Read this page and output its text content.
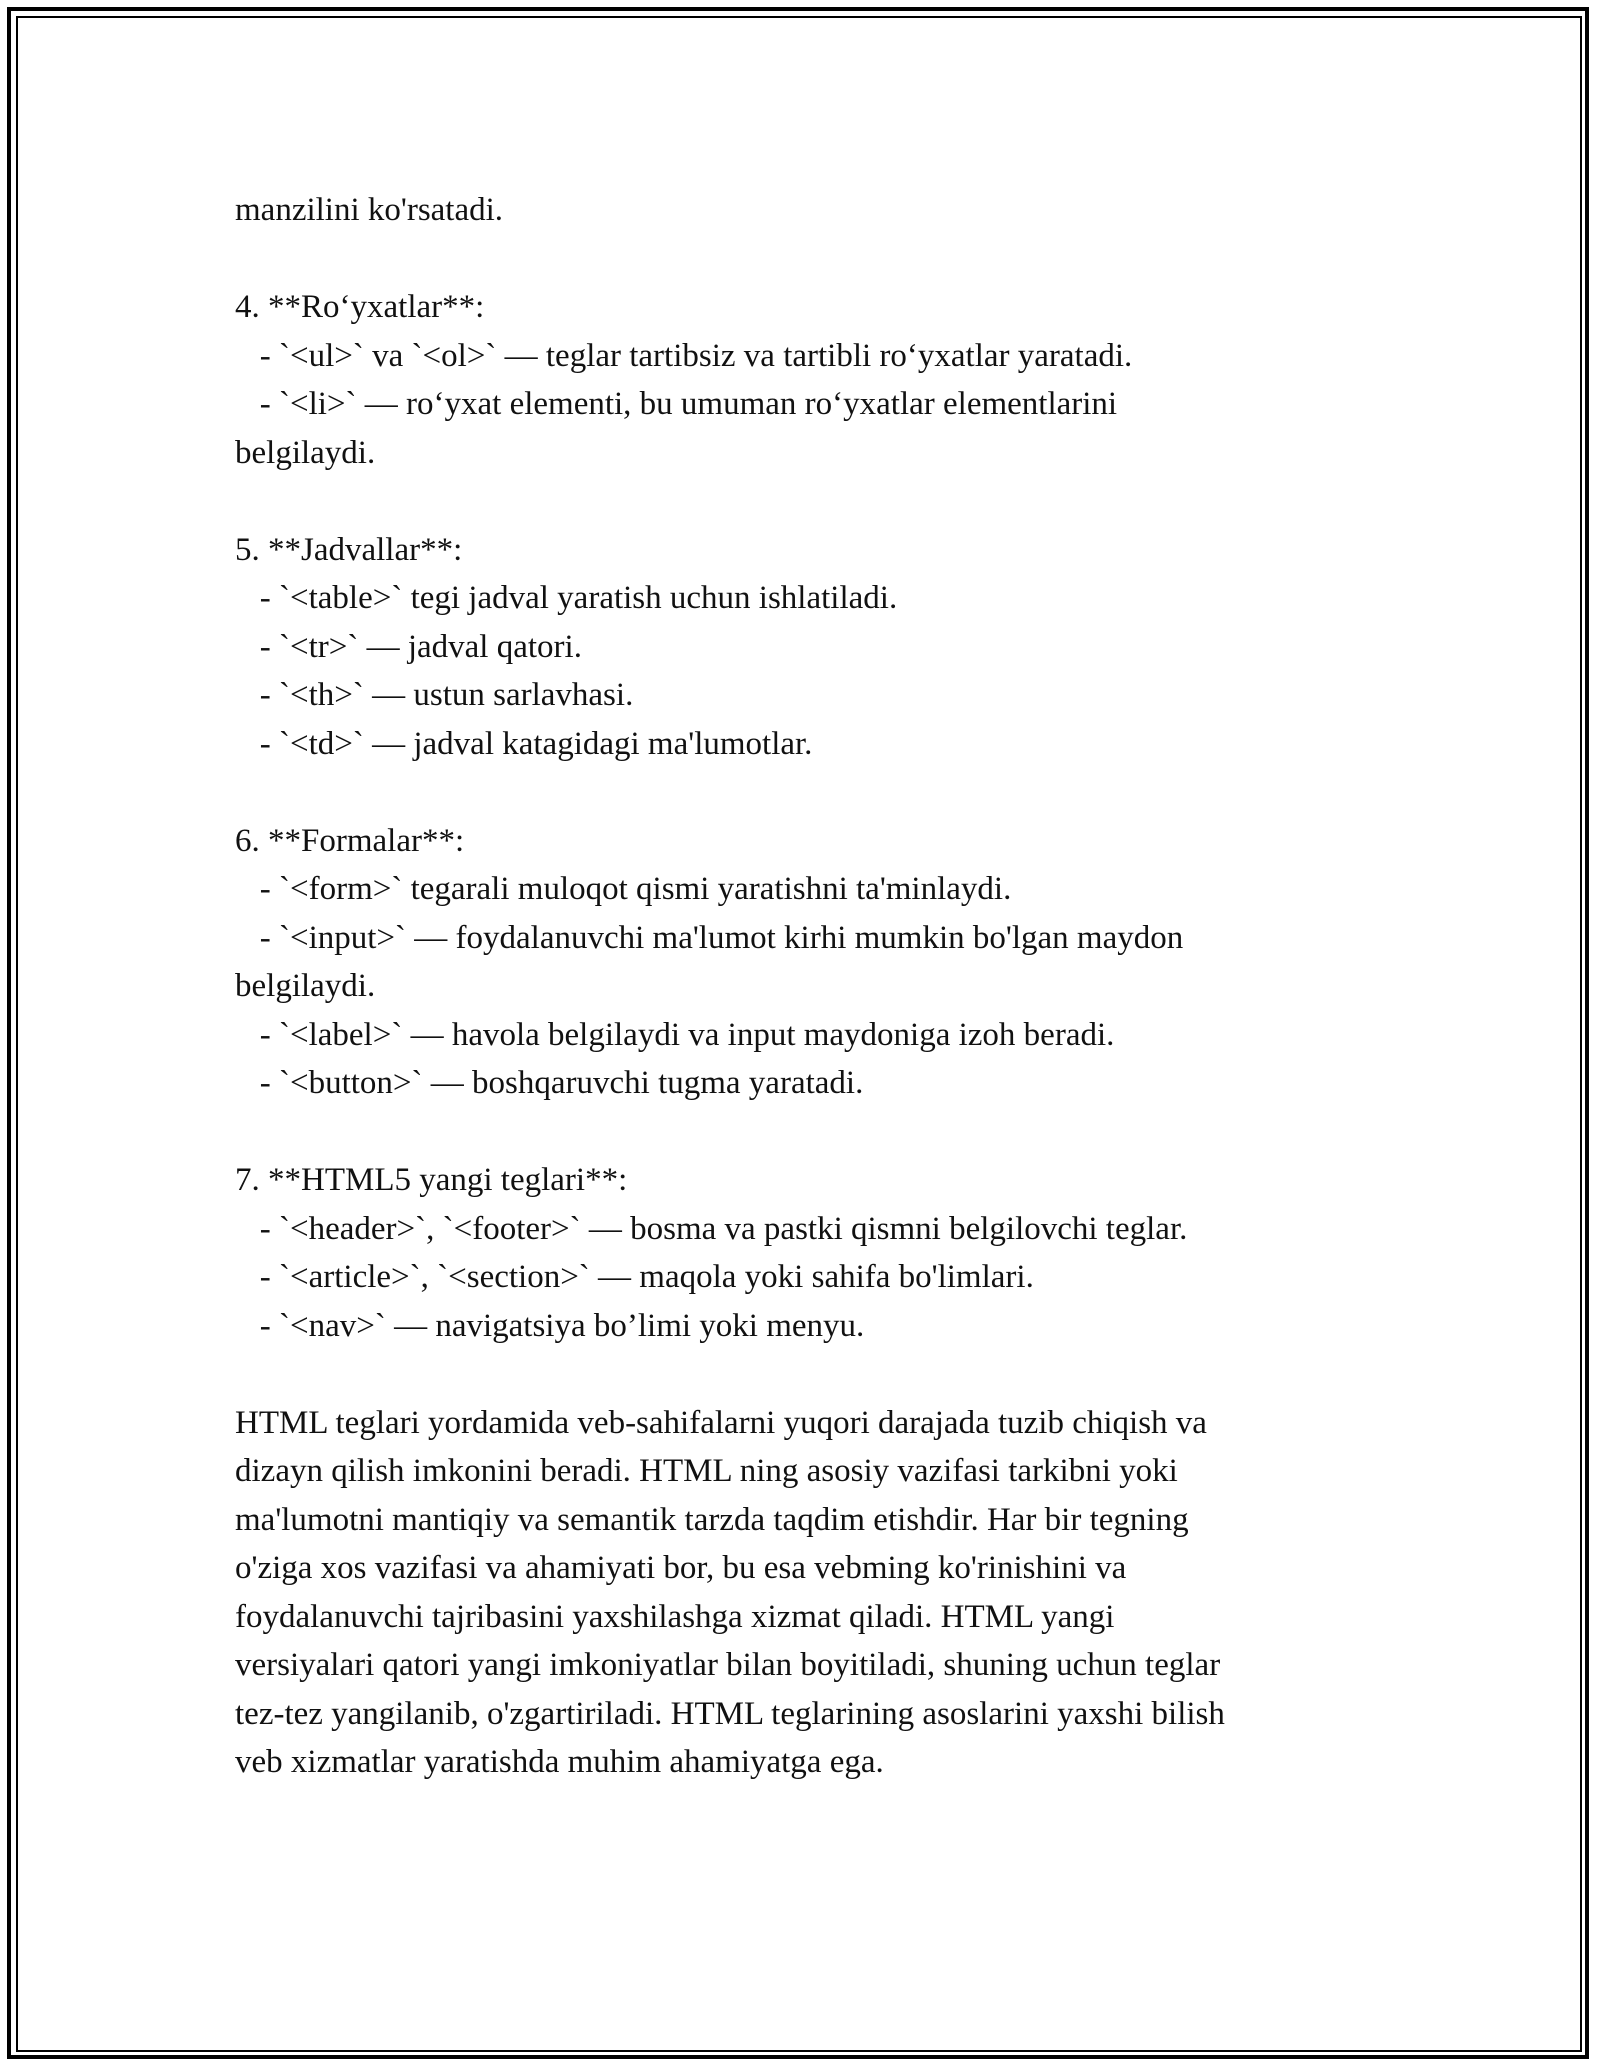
manzilini ko'rsatadi.

4. **Ro‘yxatlar**:

- `<ul>` va `<ol>` — teglar tartibsiz va tartibli ro‘yxatlar yaratadi.

- `<li>` — ro‘yxat elementi, bu umuman ro‘yxatlar elementlarini

belgilaydi.

5. **Jadvallar**:

- `<table>` tegi jadval yaratish uchun ishlatiladi.

- `<tr>` — jadval qatori.

- `<th>` — ustun sarlavhasi.

- `<td>` — jadval katagidagi ma'lumotlar.

6. **Formalar**:

- `<form>` tegarali muloqot qismi yaratishni ta'minlaydi.

- `<input>` — foydalanuvchi ma'lumot kirhi mumkin bo'lgan maydon

belgilaydi.

- `<label>` — havola belgilaydi va input maydoniga izoh beradi.

- `<button>` — boshqaruvchi tugma yaratadi.

7. **HTML5 yangi teglari**:

- `<header>`, `<footer>` — bosma va pastki qismni belgilovchi teglar.

- `<article>`, `<section>` — maqola yoki sahifa bo'limlari.

- `<nav>` — navigatsiya bo’limi yoki menyu.

HTML teglari yordamida veb-sahifalarni yuqori darajada tuzib chiqish va

dizayn qilish imkonini beradi. HTML ning asosiy vazifasi tarkibni yoki

ma'lumotni mantiqiy va semantik tarzda taqdim etishdir. Har bir tegning

o'ziga xos vazifasi va ahamiyati bor, bu esa vebming ko'rinishini va

foydalanuvchi tajribasini yaxshilashga xizmat qiladi. HTML yangi

versiyalari qatori yangi imkoniyatlar bilan boyitiladi, shuning uchun teglar

tez-tez yangilanib, o'zgartiriladi. HTML teglarining asoslarini yaxshi bilish

veb xizmatlar yaratishda muhim ahamiyatga ega.
